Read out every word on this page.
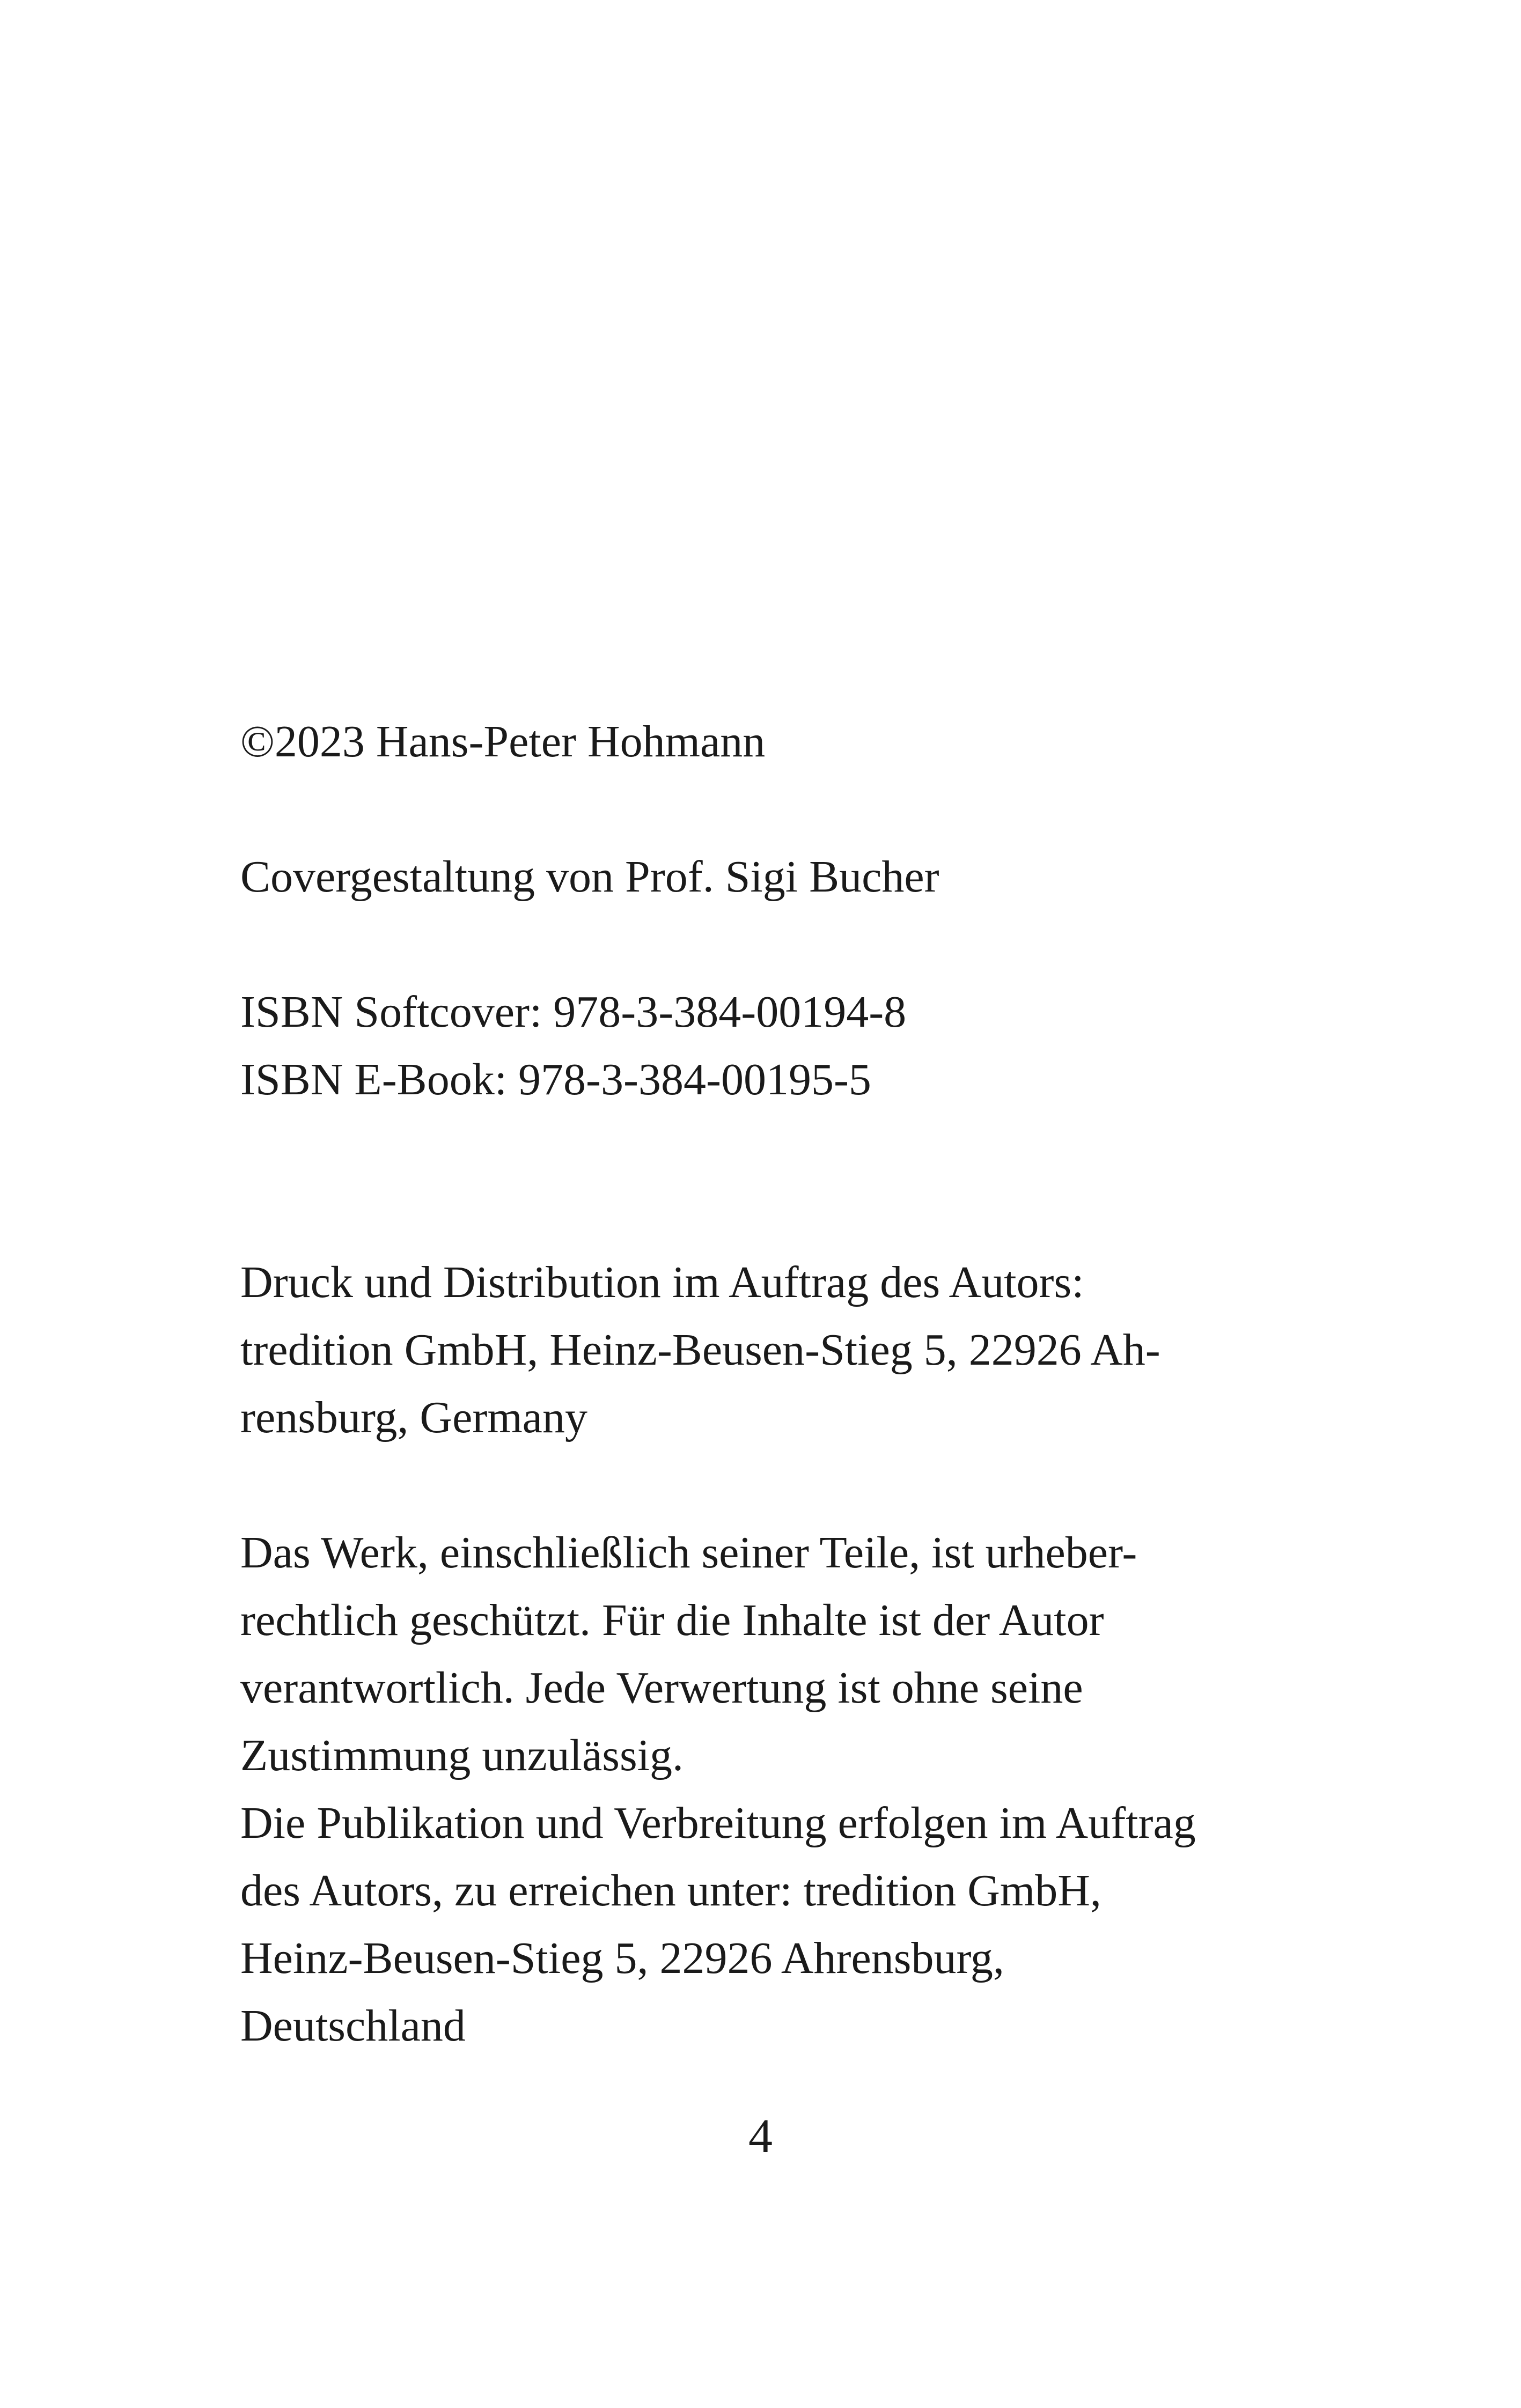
©2023 Hans-Peter Hohmann
Covergestaltung von Prof. Sigi Bucher
ISBN Softcover: 978-3-384-00194-8
ISBN E-Book: 978-3-384-00195-5
Druck und Distribution im Auftrag des Autors:
tredition GmbH, Heinz-Beusen-Stieg 5, 22926 Ah-
rensburg, Germany
Das Werk, einschließlich seiner Teile, ist urheber-
rechtlich geschützt. Für die Inhalte ist der Autor
verantwortlich. Jede Verwertung ist ohne seine
Zustimmung unzulässig.
Die Publikation und Verbreitung erfolgen im Auftrag
des Autors, zu erreichen unter: tredition GmbH,
Heinz-Beusen-Stieg 5, 22926 Ahrensburg,
Deutschland
4
